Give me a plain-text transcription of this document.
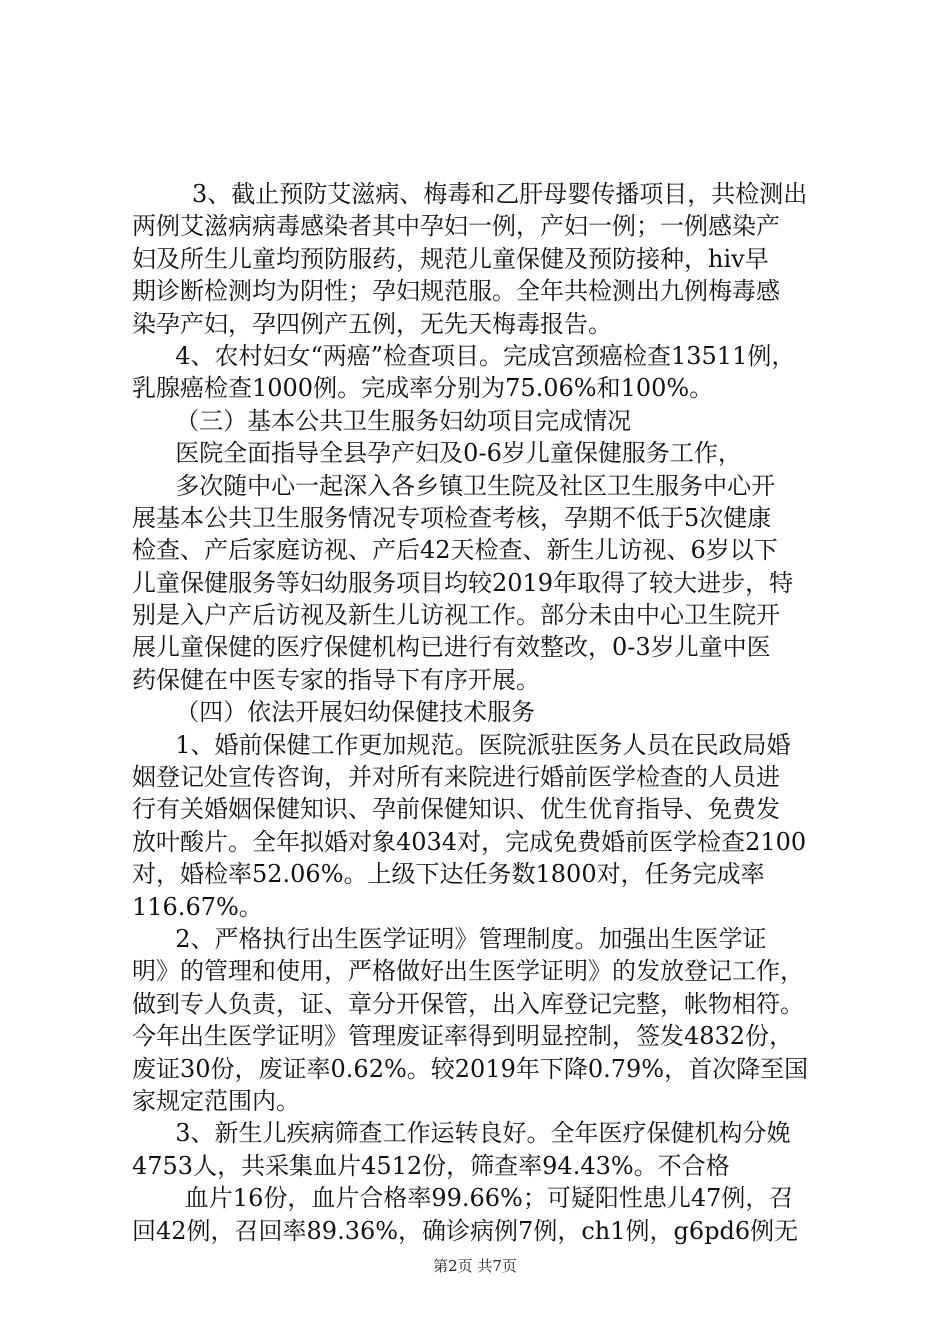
　3、截止预防艾滋病、梅毒和乙肝母婴传播项目，共检测出
两例艾滋病病毒感染者其中孕妇一例，产妇一例；一例感染产
妇及所生儿童均预防服药，规范儿童保健及预防接种，hiv早
期诊断检测均为阴性；孕妇规范服。全年共检测出九例梅毒感
染孕产妇，孕四例产五例，无先天梅毒报告。
4、农村妇女“两癌”检查项目。完成宫颈癌检查13511例，
乳腺癌检查1000例。完成率分别为75.06%和100%。
（三）基本公共卫生服务妇幼项目完成情况
医院全面指导全县孕产妇及0-6岁儿童保健服务工作，
多次随中心一起深入各乡镇卫生院及社区卫生服务中心开
展基本公共卫生服务情况专项检查考核，孕期不低于5次健康
检查、产后家庭访视、产后42天检查、新生儿访视、6岁以下
儿童保健服务等妇幼服务项目均较2019年取得了较大进步，特
别是入户产后访视及新生儿访视工作。部分未由中心卫生院开
展儿童保健的医疗保健机构已进行有效整改，0-3岁儿童中医
药保健在中医专家的指导下有序开展。
（四）依法开展妇幼保健技术服务
1、婚前保健工作更加规范。医院派驻医务人员在民政局婚
姻登记处宣传咨询，并对所有来院进行婚前医学检查的人员进
行有关婚姻保健知识、孕前保健知识、优生优育指导、免费发
放叶酸片。全年拟婚对象4034对，完成免费婚前医学检查2100
对，婚检率52.06%。上级下达任务数1800对，任务完成率
116.67%。
2、严格执行出生医学证明》管理制度。加强出生医学证
明》的管理和使用，严格做好出生医学证明》的发放登记工作，
做到专人负责，证、章分开保管，出入库登记完整，帐物相符。
今年出生医学证明》管理废证率得到明显控制，签发4832份，
废证30份，废证率0.62%。较2019年下降0.79%，首次降至国
家规定范围内。
3、新生儿疾病筛查工作运转良好。全年医疗保健机构分娩
4753人，共采集血片4512份，筛查率94.43%。不合格
血片16份，血片合格率99.66%；可疑阳性患儿47例，召
回42例，召回率89.36%，确诊病例7例，ch1例，g6pd6例无
第2页 共7页
